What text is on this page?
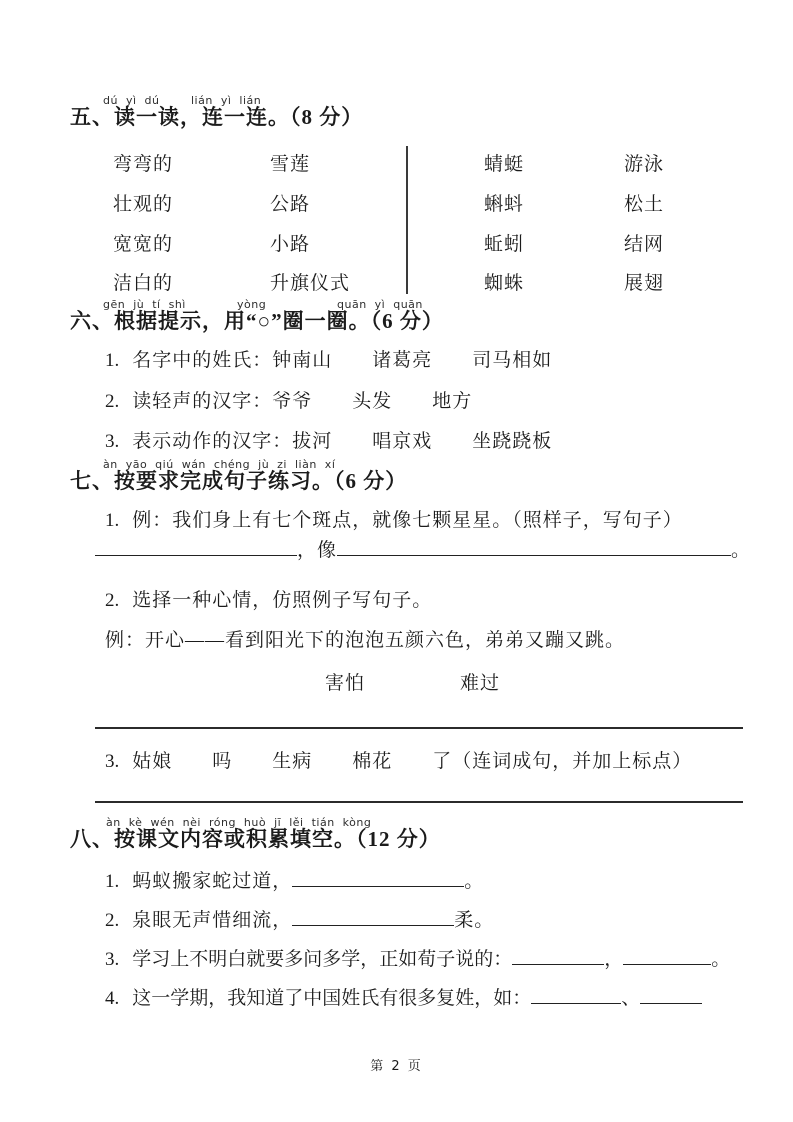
dú yì dú	lián yì lián
五、读一读，连一连。（8 分）
弯弯的	雪莲	蜻蜓	游泳
壮观的	公路	蝌蚪	松土
宽宽的	小路	蚯蚓	结网
洁白的	升旗仪式	蜘蛛	展翅
gēn jù tí shì	yòng	quān yì quān
六、根据提示，用“○”圈一圈。（6 分）
1. 名字中的姓氏：钟南山　　诸葛亮　　司马相如
2. 读轻声的汉字：爷爷　　头发　　地方
3. 表示动作的汉字：拔河　　唱京戏　　坐跷跷板
àn yāo qiú wán chéng jù zi liàn xí
七、按要求完成句子练习。（6 分）
1. 例：我们身上有七个斑点，就像七颗星星。（照样子，写句子）
，像	。
2. 选择一种心情，仿照例子写句子。
例：开心——看到阳光下的泡泡五颜六色，弟弟又蹦又跳。
害怕	难过
3. 姑娘　　吗　　生病　　棉花　　了（连词成句，并加上标点）
àn kè wén nèi róng huò jī lěi tián kòng
八、按课文内容或积累填空。（12 分）
1. 蚂蚁搬家蛇过道，	。
2. 泉眼无声惜细流，	柔。
3. 学习上不明白就要多问多学，正如荀子说的：	，	。
4. 这一学期，我知道了中国姓氏有很多复姓，如：	、
第 2 页
